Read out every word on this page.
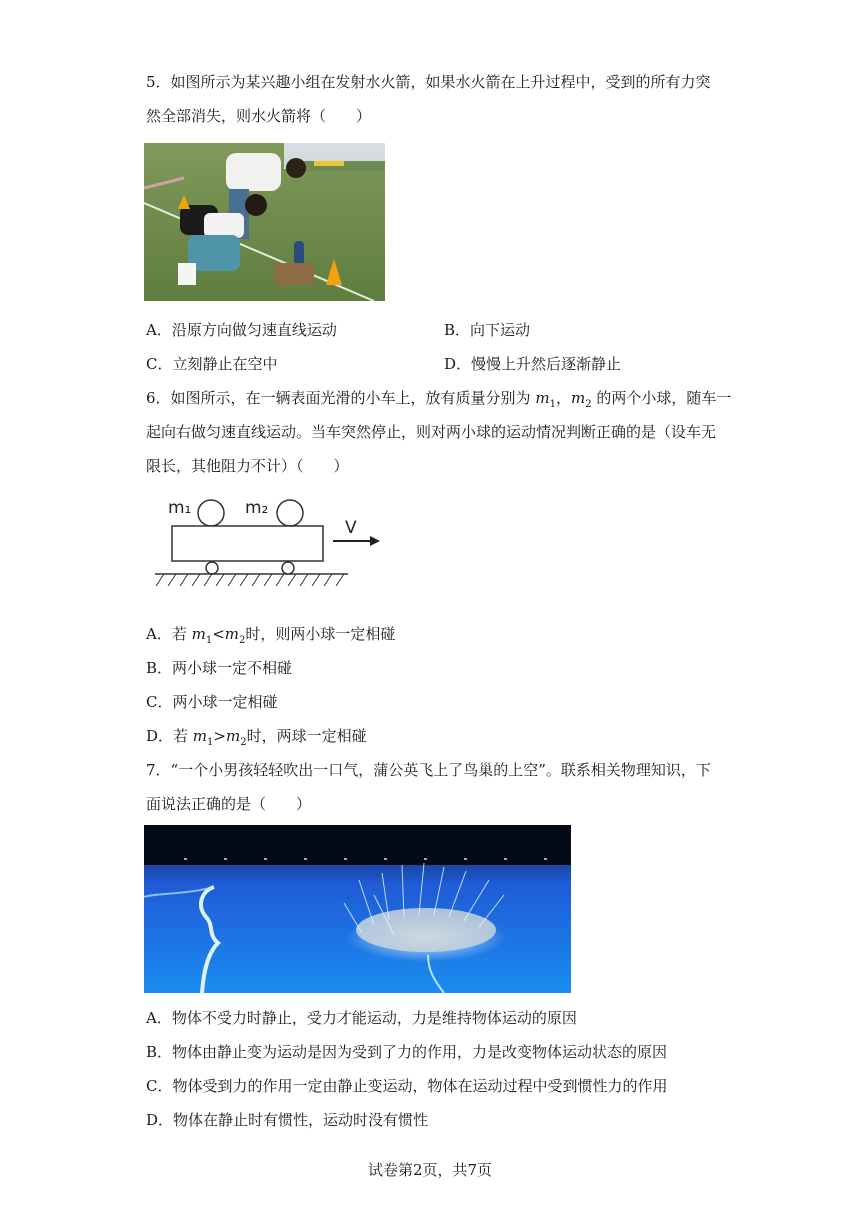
5．如图所示为某兴趣小组在发射水火箭，如果水火箭在上升过程中，受到的所有力突
然全部消失，则水火箭将（　　）
A．沿原方向做匀速直线运动	B．向下运动
C．立刻静止在空中	D．慢慢上升然后逐渐静止
6．如图所示，在一辆表面光滑的小车上，放有质量分别为 $m_1$，$m_2$ 的两个小球，随车一
起向右做匀速直线运动。当车突然停止，则对两小球的运动情况判断正确的是（设车无
限长，其他阻力不计）（　　）
m₁	m₂
V
A．若 $m_1<m_2$时，则两小球一定相碰
B．两小球一定不相碰
C．两小球一定相碰
D．若 $m_1>m_2$时，两球一定相碰
7．“一个小男孩轻轻吹出一口气，蒲公英飞上了鸟巢的上空”。联系相关物理知识，下
面说法正确的是（　　）
A．物体不受力时静止，受力才能运动，力是维持物体运动的原因
B．物体由静止变为运动是因为受到了力的作用，力是改变物体运动状态的原因
C．物体受到力的作用一定由静止变运动，物体在运动过程中受到惯性力的作用
D．物体在静止时有惯性，运动时没有惯性
试卷第2页，共7页
